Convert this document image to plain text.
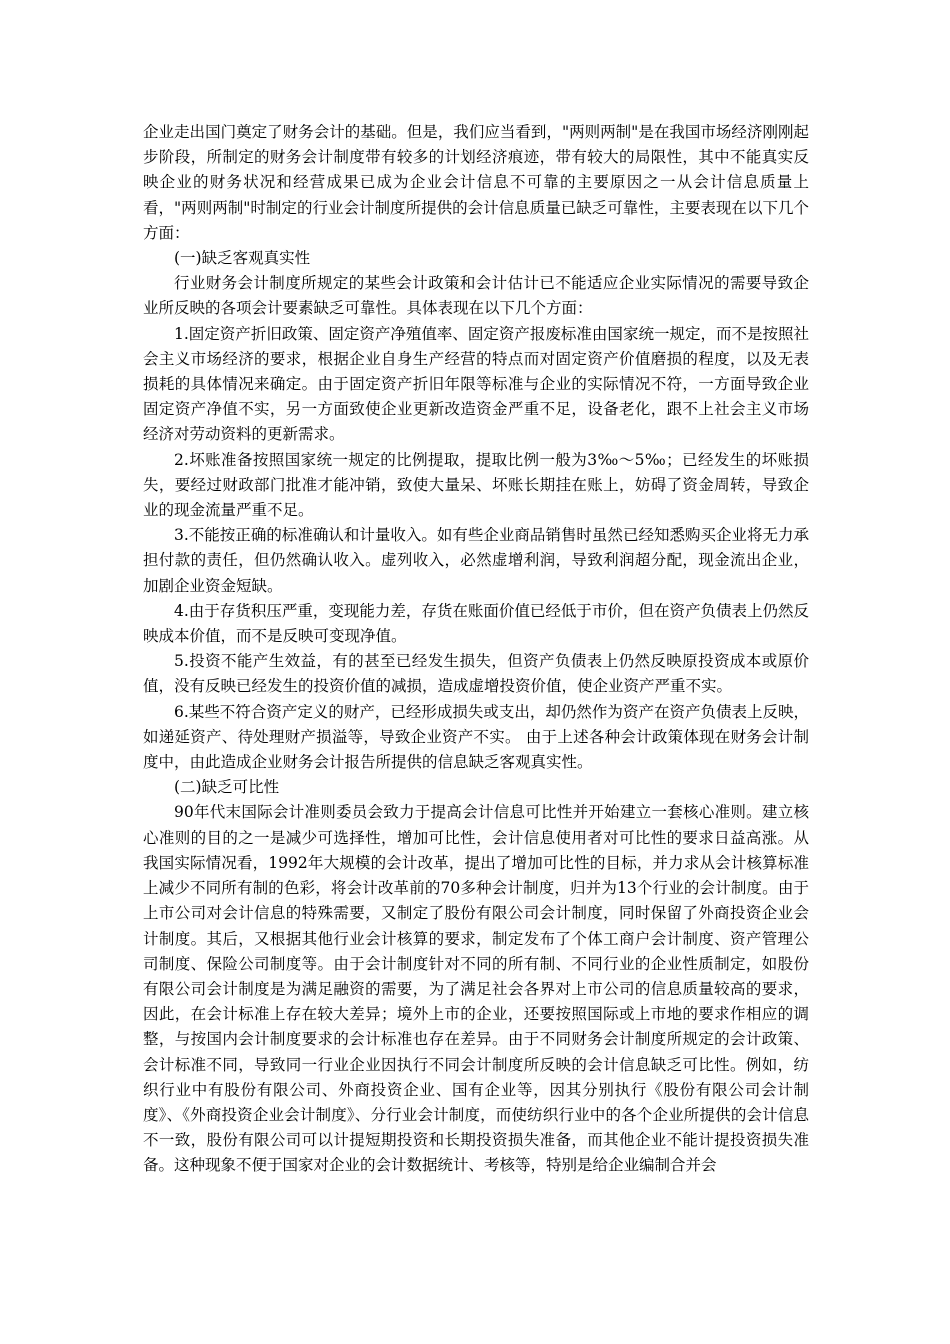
企业走出国门奠定了财务会计的基础。但是，我们应当看到，"两则两制"是在我国市场经济刚刚起步阶段，所制定的财务会计制度带有较多的计划经济痕迹，带有较大的局限性，其中不能真实反映企业的财务状况和经营成果已成为企业会计信息不可靠的主要原因之一从会计信息质量上看，"两则两制"时制定的行业会计制度所提供的会计信息质量已缺乏可靠性，主要表现在以下几个方面：

(一)缺乏客观真实性

行业财务会计制度所规定的某些会计政策和会计估计已不能适应企业实际情况的需要导致企业所反映的各项会计要素缺乏可靠性。具体表现在以下几个方面：

1.固定资产折旧政策、固定资产净殖值率、固定资产报废标准由国家统一规定，而不是按照社会主义市场经济的要求，根据企业自身生产经营的特点而对固定资产价值磨损的程度，以及无表损耗的具体情况来确定。由于固定资产折旧年限等标准与企业的实际情况不符，一方面导致企业固定资产净值不实，另一方面致使企业更新改造资金严重不足，设备老化，跟不上社会主义市场经济对劳动资料的更新需求。

2.坏账准备按照国家统一规定的比例提取，提取比例一般为3‰～5‰；已经发生的坏账损失，要经过财政部门批准才能冲销，致使大量呆、坏账长期挂在账上，妨碍了资金周转，导致企业的现金流量严重不足。

3.不能按正确的标准确认和计量收入。如有些企业商品销售时虽然已经知悉购买企业将无力承担付款的责任，但仍然确认收入。虚列收入，必然虚增利润，导致利润超分配，现金流出企业，加剧企业资金短缺。

4.由于存货积压严重，变现能力差，存货在账面价值已经低于市价，但在资产负债表上仍然反映成本价值，而不是反映可变现净值。

5.投资不能产生效益，有的甚至已经发生损失，但资产负债表上仍然反映原投资成本或原价值，没有反映已经发生的投资价值的减损，造成虚增投资价值，使企业资产严重不实。

6.某些不符合资产定义的财产，已经形成损失或支出，却仍然作为资产在资产负债表上反映，如递延资产、待处理财产损溢等，导致企业资产不实。 由于上述各种会计政策体现在财务会计制度中，由此造成企业财务会计报告所提供的信息缺乏客观真实性。

(二)缺乏可比性

90年代末国际会计准则委员会致力于提高会计信息可比性并开始建立一套核心准则。建立核心准则的目的之一是减少可选择性，增加可比性，会计信息使用者对可比性的要求日益高涨。从我国实际情况看，1992年大规模的会计改革，提出了增加可比性的目标，并力求从会计核算标准上减少不同所有制的色彩，将会计改革前的70多种会计制度，归并为13个行业的会计制度。由于上市公司对会计信息的特殊需要，又制定了股份有限公司会计制度，同时保留了外商投资企业会计制度。其后，又根据其他行业会计核算的要求，制定发布了个体工商户会计制度、资产管理公司制度、保险公司制度等。由于会计制度针对不同的所有制、不同行业的企业性质制定，如股份有限公司会计制度是为满足融资的需要，为了满足社会各界对上市公司的信息质量较高的要求，因此，在会计标准上存在较大差异；境外上市的企业，还要按照国际或上市地的要求作相应的调整，与按国内会计制度要求的会计标准也存在差异。由于不同财务会计制度所规定的会计政策、会计标准不同，导致同一行业企业因执行不同会计制度所反映的会计信息缺乏可比性。例如，纺织行业中有股份有限公司、外商投资企业、国有企业等，因其分别执行《股份有限公司会计制度》、《外商投资企业会计制度》、分行业会计制度，而使纺织行业中的各个企业所提供的会计信息不一致，股份有限公司可以计提短期投资和长期投资损失准备，而其他企业不能计提投资损失准备。这种现象不便于国家对企业的会计数据统计、考核等，特别是给企业编制合并会
